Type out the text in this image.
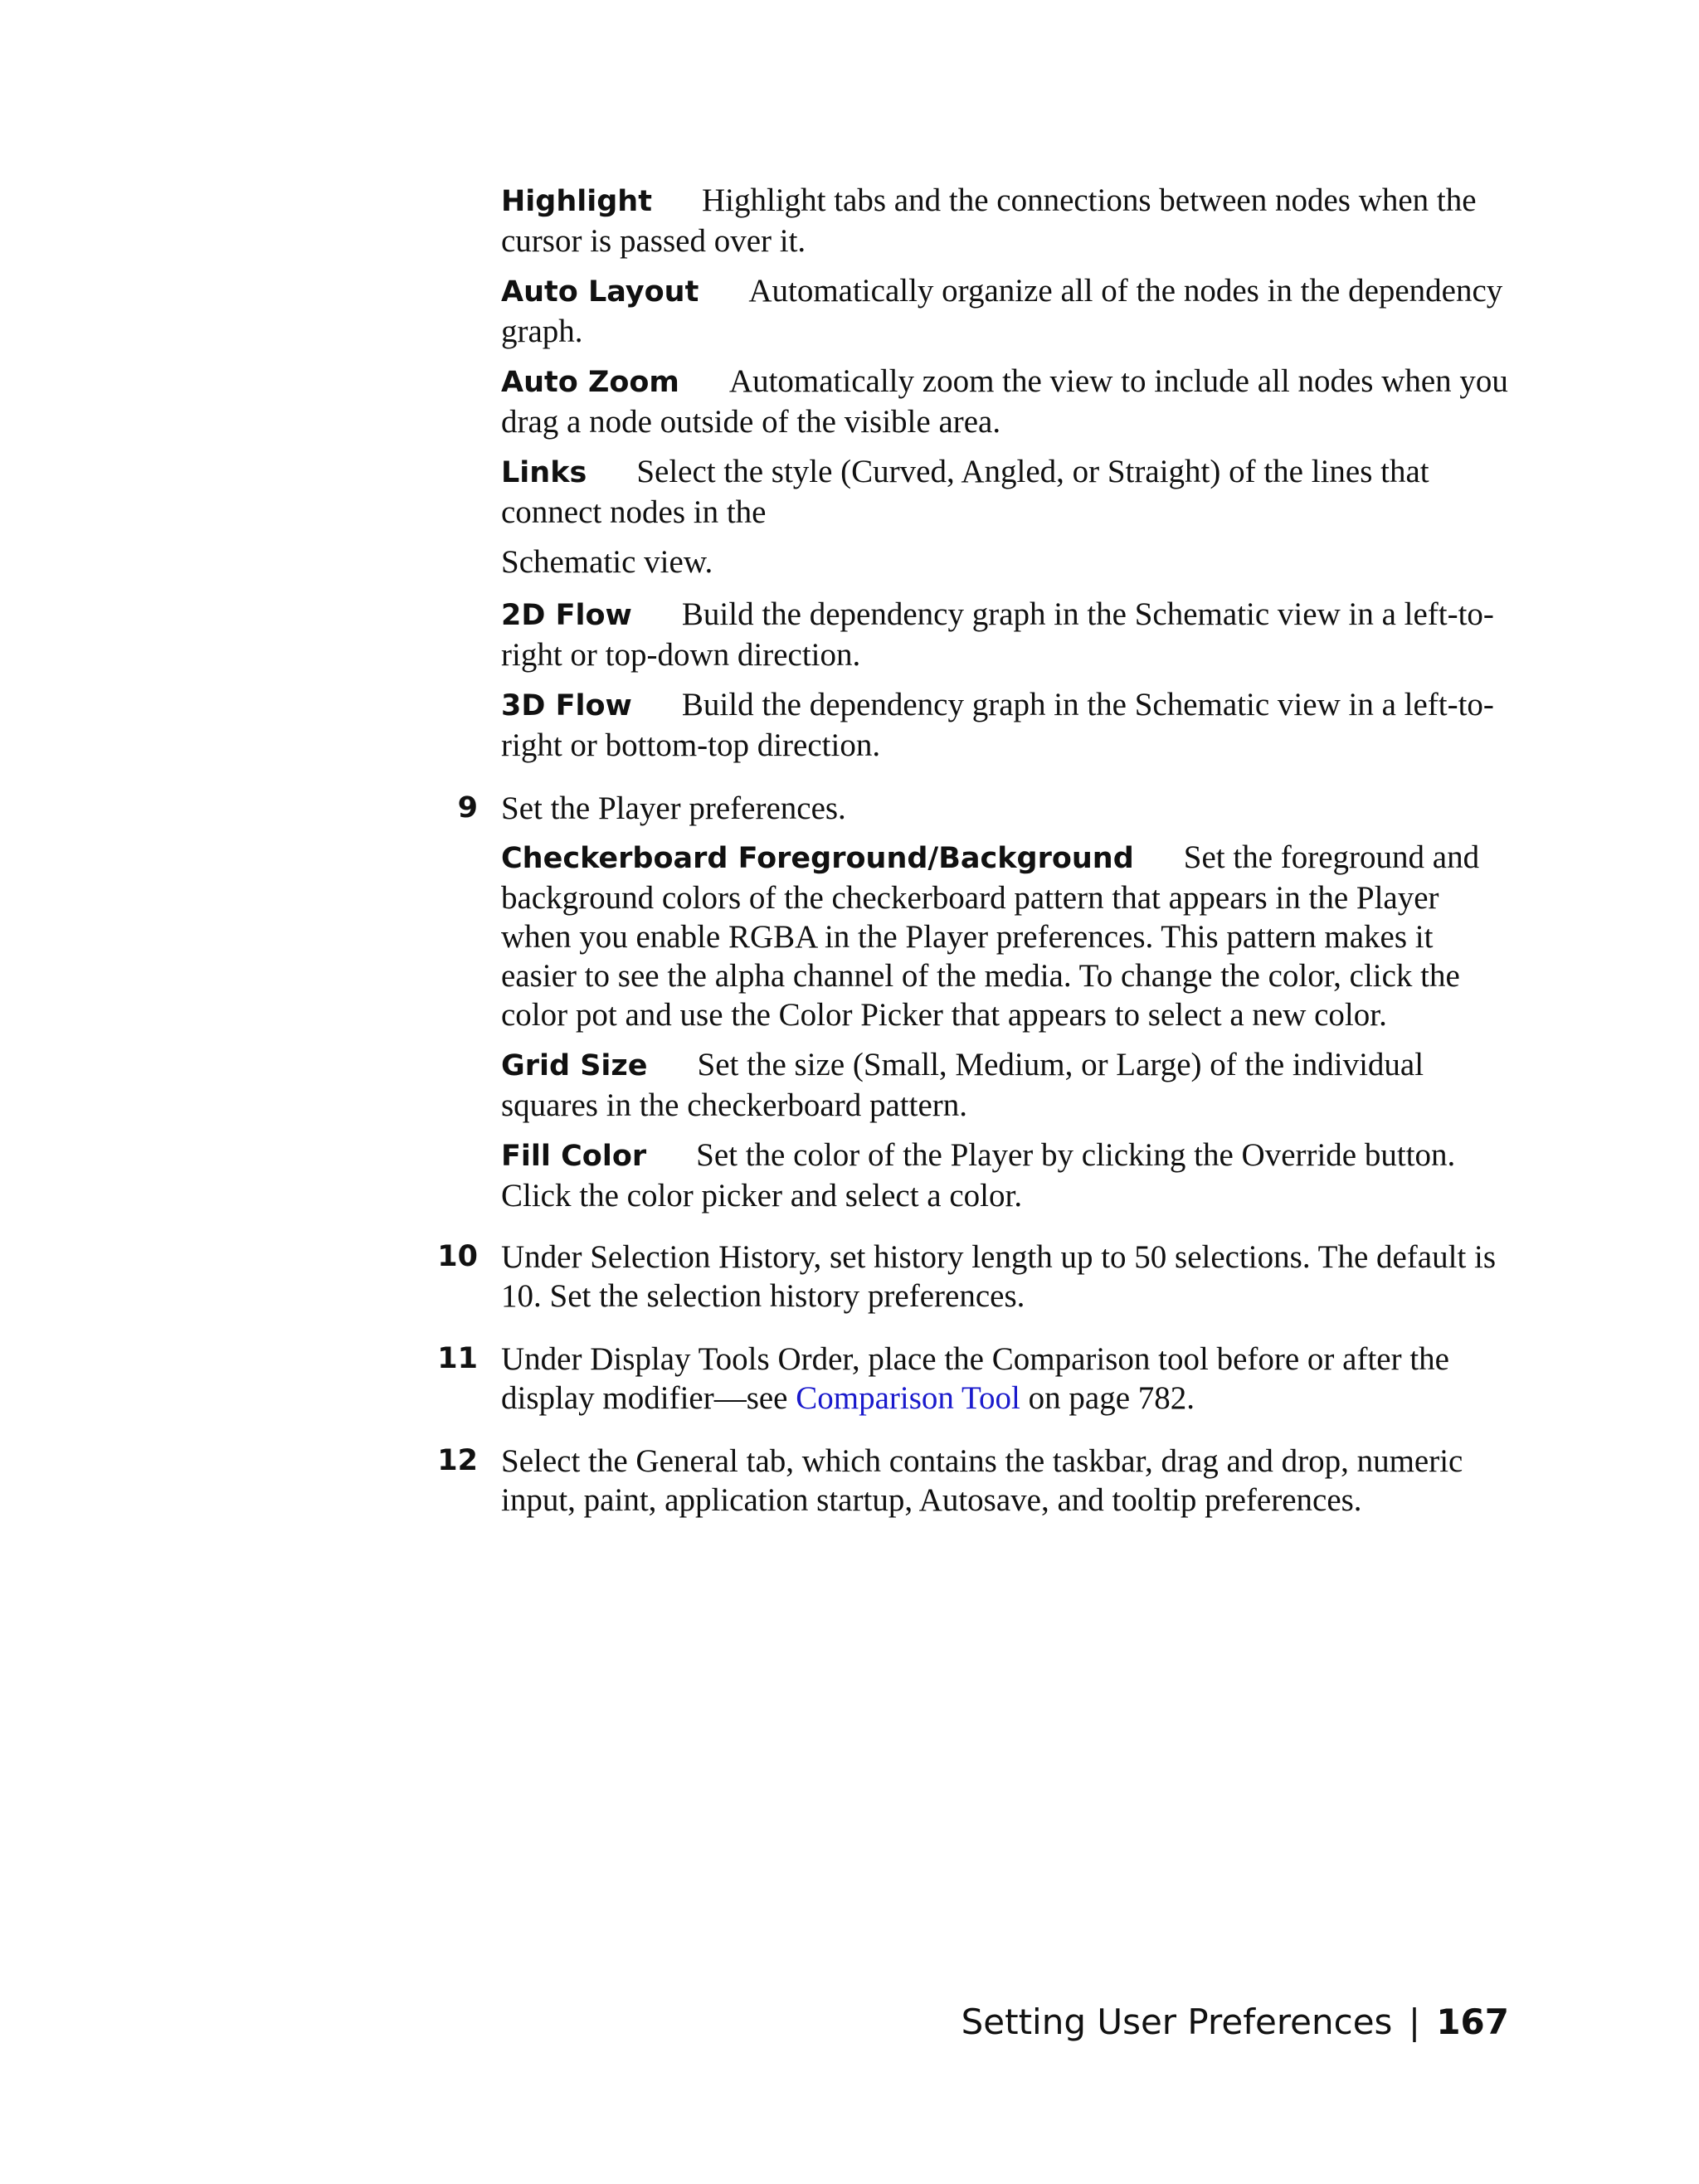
Highlight Highlight tabs and the connections between nodes when the cursor is passed over it.

Auto Layout Automatically organize all of the nodes in the dependency graph.

Auto Zoom Automatically zoom the view to include all nodes when you drag a node outside of the visible area.

Links Select the style (Curved, Angled, or Straight) of the lines that connect nodes in the

Schematic view.

2D Flow Build the dependency graph in the Schematic view in a left-to-right or top-down direction.

3D Flow Build the dependency graph in the Schematic view in a left-to-right or bottom-top direction.

9 Set the Player preferences.

Checkerboard Foreground/Background Set the foreground and background colors of the checkerboard pattern that appears in the Player when you enable RGBA in the Player preferences. This pattern makes it easier to see the alpha channel of the media. To change the color, click the color pot and use the Color Picker that appears to select a new color.

Grid Size Set the size (Small, Medium, or Large) of the individual squares in the checkerboard pattern.

Fill Color Set the color of the Player by clicking the Override button. Click the color picker and select a color.

10 Under Selection History, set history length up to 50 selections. The default is 10. Set the selection history preferences.
11 Under Display Tools Order, place the Comparison tool before or after the display modifier—see Comparison Tool on page 782.
12 Select the General tab, which contains the taskbar, drag and drop, numeric input, paint, application startup, Autosave, and tooltip preferences.
Setting User Preferences | 167
